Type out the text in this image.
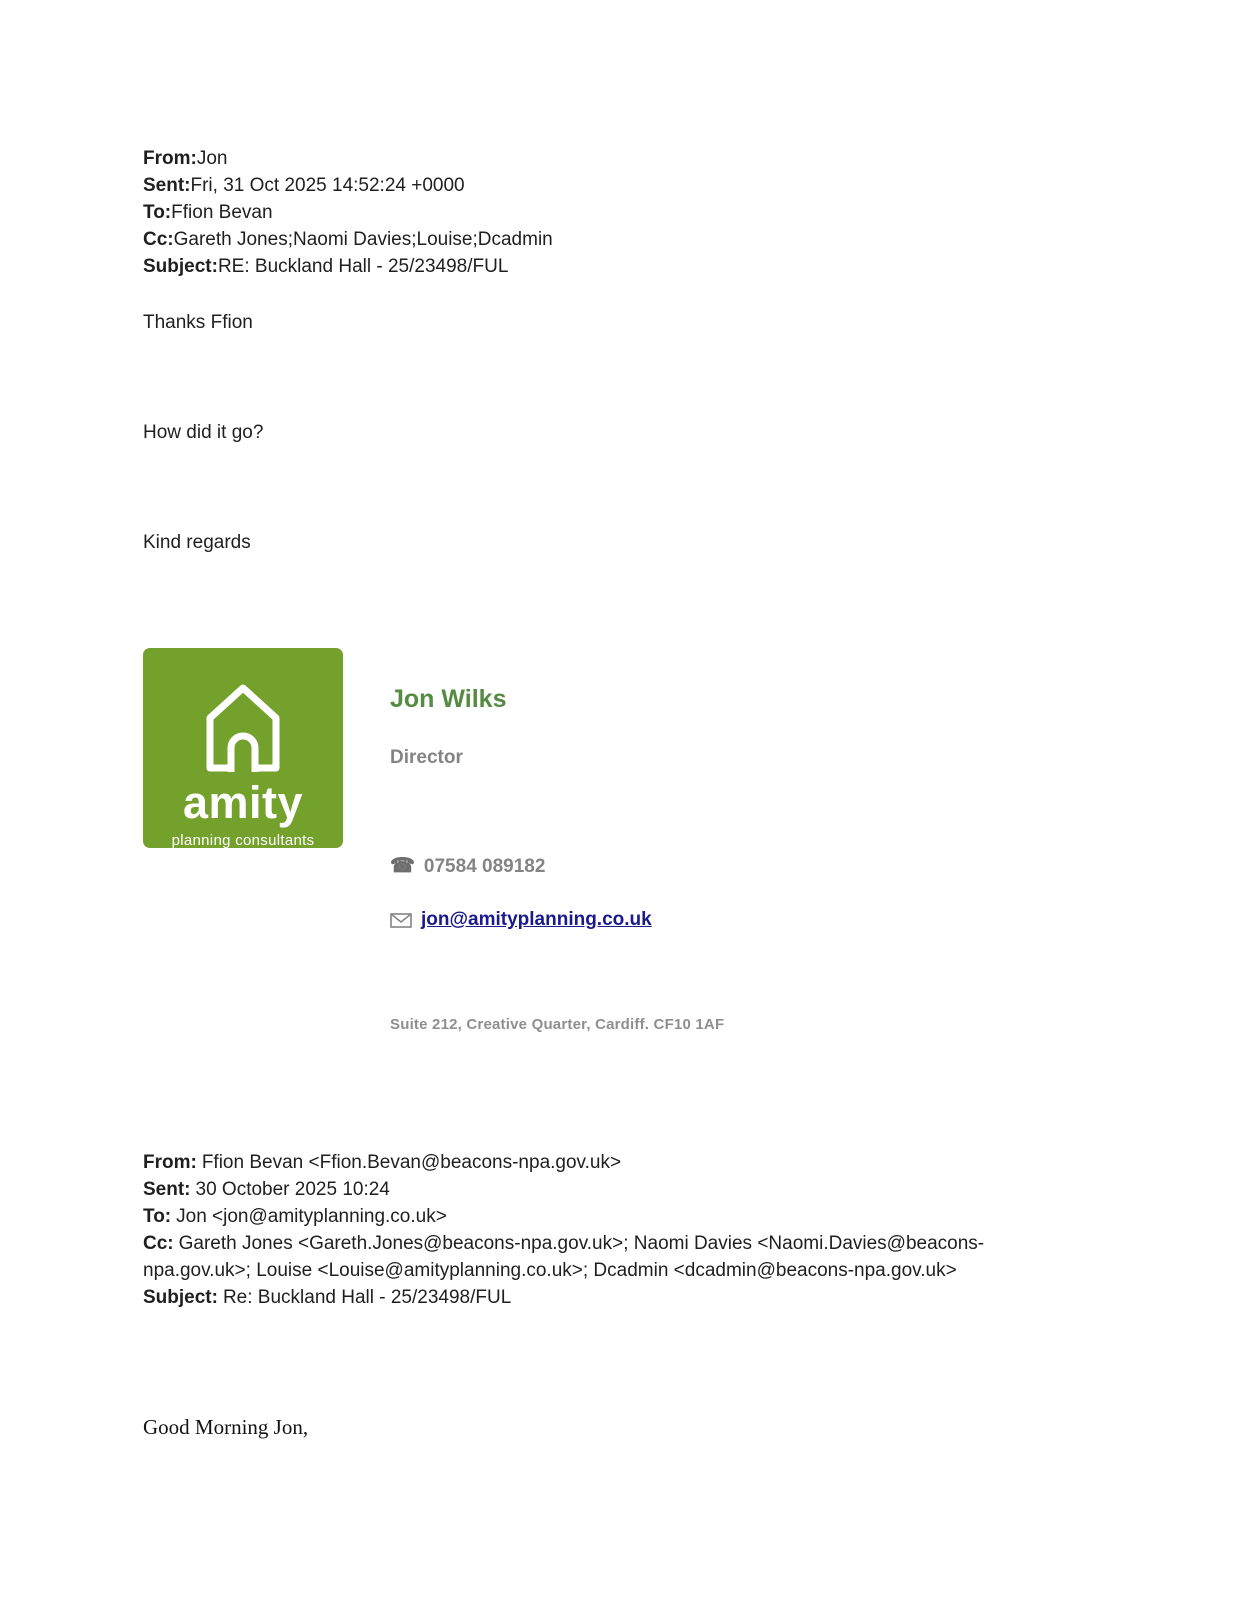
From:Jon
Sent:Fri, 31 Oct 2025 14:52:24 +0000
To:Ffion Bevan
Cc:Gareth Jones;Naomi Davies;Louise;Dcadmin
Subject:RE: Buckland Hall - 25/23498/FUL

Thanks Ffion

How did it go?

Kind regards

amity
planning consultants
Jon Wilks
Director
☎ 07584 089182
jon@amityplanning.co.uk
Suite 212, Creative Quarter, Cardiff. CF10 1AF
From: Ffion Bevan <Ffion.Bevan@beacons-npa.gov.uk>
Sent: 30 October 2025 10:24
To: Jon <jon@amityplanning.co.uk>
Cc: Gareth Jones <Gareth.Jones@beacons-npa.gov.uk>; Naomi Davies <Naomi.Davies@beacons-npa.gov.uk>; Louise <Louise@amityplanning.co.uk>; Dcadmin <dcadmin@beacons-npa.gov.uk>
Subject: Re: Buckland Hall - 25/23498/FUL

Good Morning Jon,
